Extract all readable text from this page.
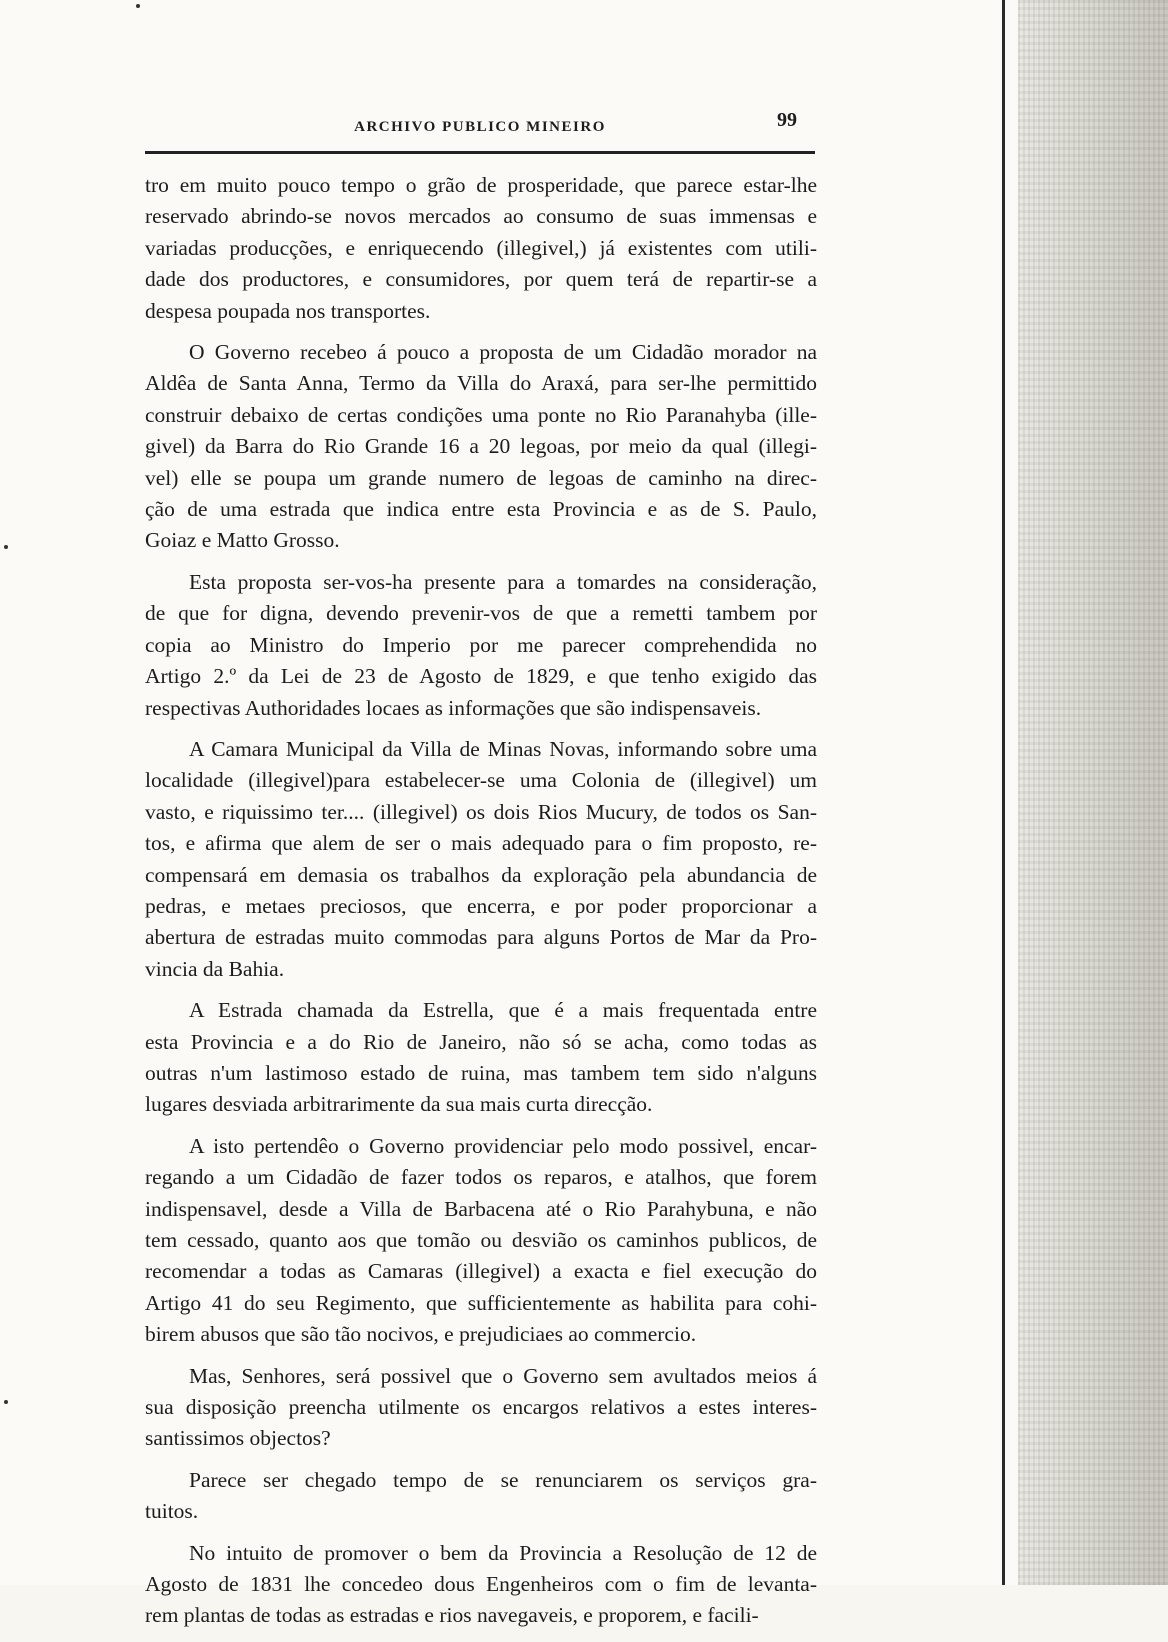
ARCHIVO PUBLICO MINEIRO	99
tro em muito pouco tempo o grão de prosperidade, que parece estar-lhe
reservado abrindo-se novos mercados ao consumo de suas immensas e
variadas producções, e enriquecendo (illegivel,) já existentes com utili-
dade dos productores, e consumidores, por quem terá de repartir-se a
despesa poupada nos transportes.
O Governo recebeo á pouco a proposta de um Cidadão morador na
Aldêa de Santa Anna, Termo da Villa do Araxá, para ser-lhe permittido
construir debaixo de certas condições uma ponte no Rio Paranahyba (ille-
givel) da Barra do Rio Grande 16 a 20 legoas, por meio da qual (illegi-
vel) elle se poupa um grande numero de legoas de caminho na direc-
ção de uma estrada que indica entre esta Provincia e as de S. Paulo,
Goiaz e Matto Grosso.
Esta proposta ser-vos-ha presente para a tomardes na consideração,
de que for digna, devendo prevenir-vos de que a remetti tambem por
copia ao Ministro do Imperio por me parecer comprehendida no
Artigo 2.º da Lei de 23 de Agosto de 1829, e que tenho exigido das
respectivas Authoridades locaes as informações que são indispensaveis.
A Camara Municipal da Villa de Minas Novas, informando sobre uma
localidade (illegivel)para estabelecer-se uma Colonia de (illegivel) um
vasto, e riquissimo ter.... (illegivel) os dois Rios Mucury, de todos os San-
tos, e afirma que alem de ser o mais adequado para o fim proposto, re-
compensará em demasia os trabalhos da exploração pela abundancia de
pedras, e metaes preciosos, que encerra, e por poder proporcionar a
abertura de estradas muito commodas para alguns Portos de Mar da Pro-
vincia da Bahia.
A Estrada chamada da Estrella, que é a mais frequentada entre
esta Provincia e a do Rio de Janeiro, não só se acha, como todas as
outras n'um lastimoso estado de ruina, mas tambem tem sido n'alguns
lugares desviada arbitrarimente da sua mais curta direcção.
A isto pertendêo o Governo providenciar pelo modo possivel, encar-
regando a um Cidadão de fazer todos os reparos, e atalhos, que forem
indispensavel, desde a Villa de Barbacena até o Rio Parahybuna, e não
tem cessado, quanto aos que tomão ou desvião os caminhos publicos, de
recomendar a todas as Camaras (illegivel) a exacta e fiel execução do
Artigo 41 do seu Regimento, que sufficientemente as habilita para cohi-
birem abusos que são tão nocivos, e prejudiciaes ao commercio.
Mas, Senhores, será possivel que o Governo sem avultados meios á
sua disposição preencha utilmente os encargos relativos a estes interes-
santissimos objectos?
Parece ser chegado tempo de se renunciarem os serviços gra-
tuitos.
No intuito de promover o bem da Provincia a Resolução de 12 de
Agosto de 1831 lhe concedeo dous Engenheiros com o fim de levanta-
rem plantas de todas as estradas e rios navegaveis, e proporem, e facili-
